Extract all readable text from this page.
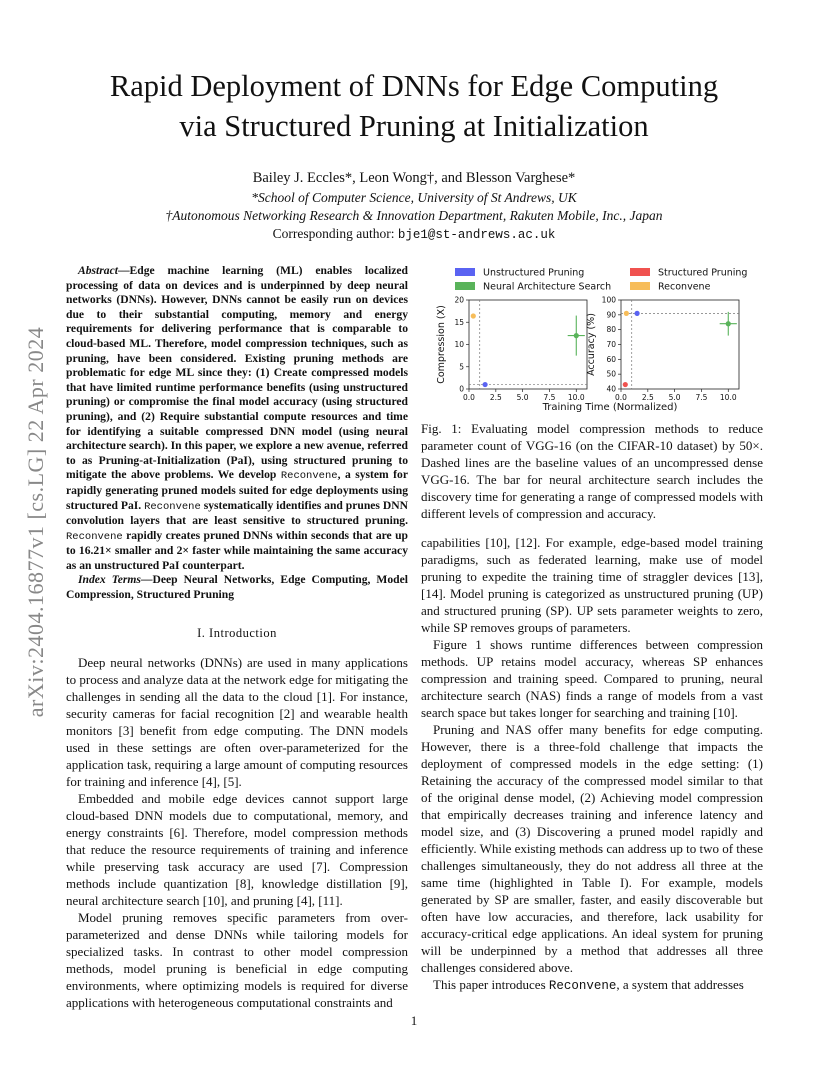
arXiv:2404.16877v1 [cs.LG] 22 Apr 2024
Rapid Deployment of DNNs for Edge Computing
via Structured Pruning at Initialization
Bailey J. Eccles*, Leon Wong†, and Blesson Varghese*
*School of Computer Science, University of St Andrews, UK
†Autonomous Networking Research & Innovation Department, Rakuten Mobile, Inc., Japan
Corresponding author: bje1@st-andrews.ac.uk

Abstract—Edge machine learning (ML) enables localized processing of data on devices and is underpinned by deep neural networks (DNNs). However, DNNs cannot be easily run on devices due to their substantial computing, memory and energy requirements for delivering performance that is comparable to cloud-based ML. Therefore, model compression techniques, such as pruning, have been considered. Existing pruning methods are problematic for edge ML since they: (1) Create compressed models that have limited runtime performance benefits (using unstructured pruning) or compromise the final model accuracy (using structured pruning), and (2) Require substantial compute resources and time for identifying a suitable compressed DNN model (using neural architecture search). In this paper, we explore a new avenue, referred to as Pruning-at-Initialization (PaI), using structured pruning to mitigate the above problems. We develop Reconvene, a system for rapidly generating pruned models suited for edge deployments using structured PaI. Reconvene systematically identifies and prunes DNN convolution layers that are least sensitive to structured pruning. Reconvene rapidly creates pruned DNNs within seconds that are up to 16.21× smaller and 2× faster while maintaining the same accuracy as an unstructured PaI counterpart.

Index Terms—Deep Neural Networks, Edge Computing, Model Compression, Structured Pruning

I. Introduction

Deep neural networks (DNNs) are used in many applications to process and analyze data at the network edge for mitigating the challenges in sending all the data to the cloud [1]. For instance, security cameras for facial recognition [2] and wearable health monitors [3] benefit from edge computing. The DNN models used in these settings are often over-parameterized for the application task, requiring a large amount of computing resources for training and inference [4], [5].

Embedded and mobile edge devices cannot support large cloud-based DNN models due to computational, memory, and energy constraints [6]. Therefore, model compression methods that reduce the resource requirements of training and inference while preserving task accuracy are used [7]. Compression methods include quantization [8], knowledge distillation [9], neural architecture search [10], and pruning [4], [11].

Model pruning removes specific parameters from over-parameterized and dense DNNs while tailoring models for specialized tasks. In contrast to other model compression methods, model pruning is beneficial in edge computing environments, where optimizing models is required for diverse applications with heterogeneous computational constraints and

Unstructured Pruning	Structured Pruning
Neural Architecture Search	Reconvene
0.0 2.5 5.0 7.5 10.0
0
5
10
15
20
Compression (X)
0.0 2.5 5.0 7.5 10.0
40
50
60
70
80
90
100
Accuracy (%)
Training Time (Normalized)

Fig. 1: Evaluating model compression methods to reduce parameter count of VGG-16 (on the CIFAR-10 dataset) by 50×. Dashed lines are the baseline values of an uncompressed dense VGG-16. The bar for neural architecture search includes the discovery time for generating a range of compressed models with different levels of compression and accuracy.

capabilities [10], [12]. For example, edge-based model training paradigms, such as federated learning, make use of model pruning to expedite the training time of straggler devices [13], [14]. Model pruning is categorized as unstructured pruning (UP) and structured pruning (SP). UP sets parameter weights to zero, while SP removes groups of parameters.

Figure 1 shows runtime differences between compression methods. UP retains model accuracy, whereas SP enhances compression and training speed. Compared to pruning, neural architecture search (NAS) finds a range of models from a vast search space but takes longer for searching and training [10].

Pruning and NAS offer many benefits for edge computing. However, there is a three-fold challenge that impacts the deployment of compressed models in the edge setting: (1) Retaining the accuracy of the compressed model similar to that of the original dense model, (2) Achieving model compression that empirically decreases training and inference latency and model size, and (3) Discovering a pruned model rapidly and efficiently. While existing methods can address up to two of these challenges simultaneously, they do not address all three at the same time (highlighted in Table I). For example, models generated by SP are smaller, faster, and easily discoverable but often have low accuracies, and therefore, lack usability for accuracy-critical edge applications. An ideal system for pruning will be underpinned by a method that addresses all three challenges considered above.

This paper introduces Reconvene, a system that addresses

1
